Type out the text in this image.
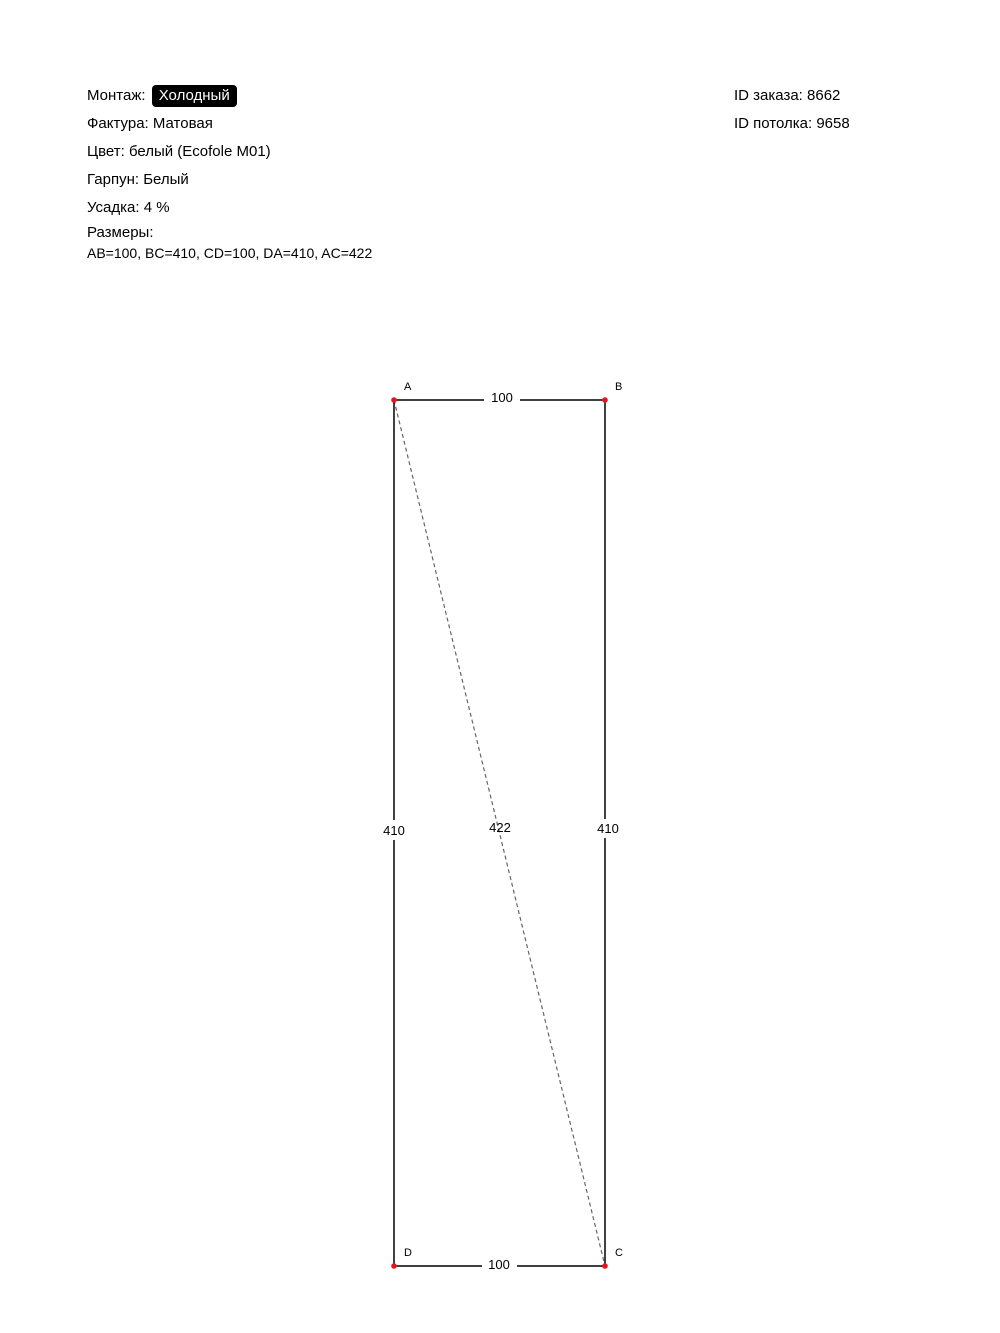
Монтаж: Холодный
Фактура: Матовая
Цвет: белый (Ecofole M01)
Гарпун: Белый
Усадка: 4 %
Размеры:
AB=100, BC=410, CD=100, DA=410, AC=422
ID заказа: 8662
ID потолка: 9658
100
410
100
410	422
A	B
C
D
